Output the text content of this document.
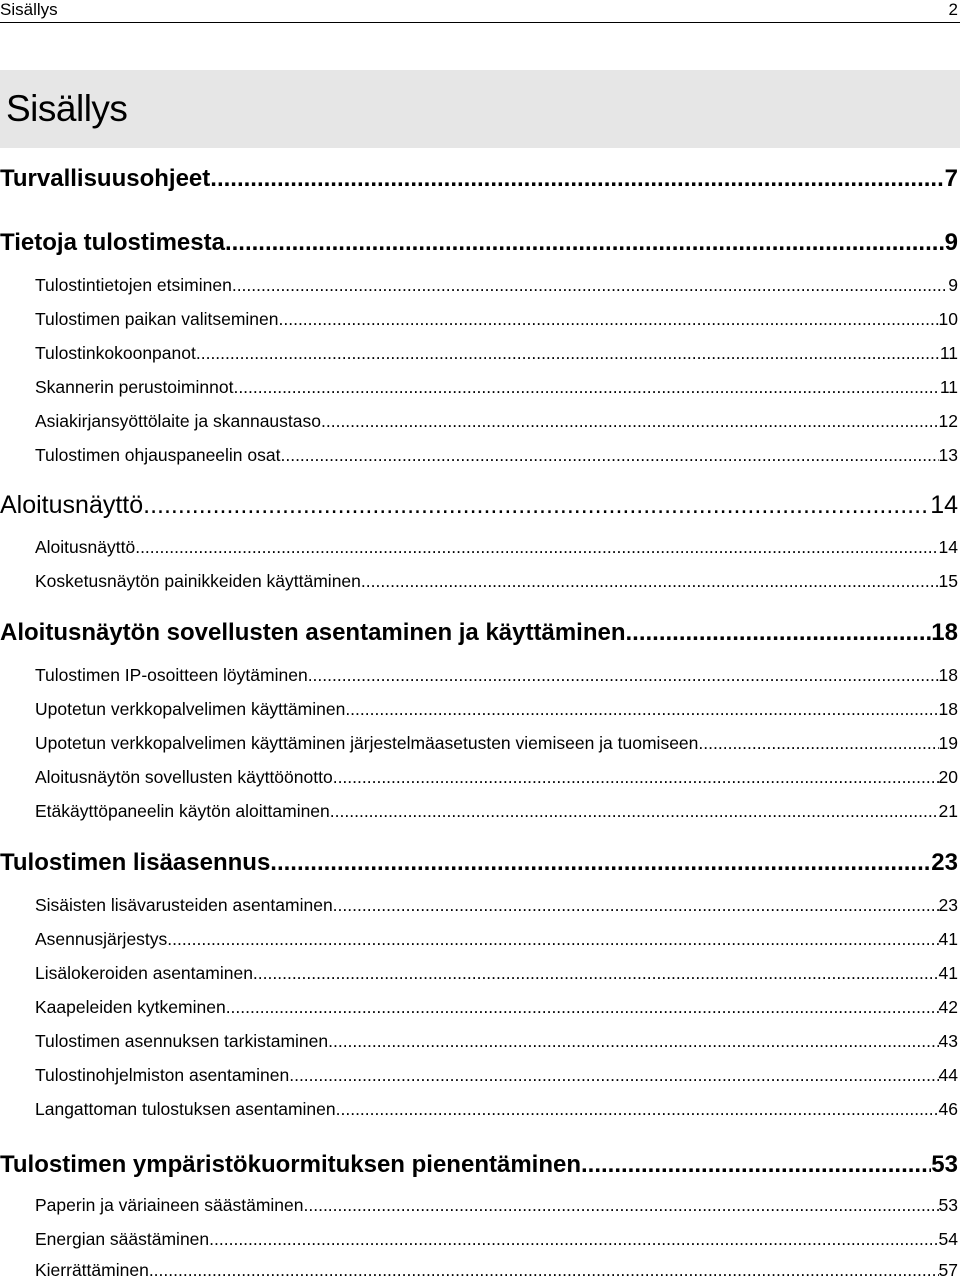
Sisällys	2
Sisällys
Turvallisuusohjeet .....	7
Tietoja tulostimesta .....	9
Tulostintietojen etsiminen .....	9
Tulostimen paikan valitseminen .....	10
Tulostinkokoonpanot .....	11
Skannerin perustoiminnot .....	11
Asiakirjansyöttölaite ja skannaustaso .....	12
Tulostimen ohjauspaneelin osat .....	13
Aloitusnäyttö .....	14
Aloitusnäyttö .....	14
Kosketusnäytön painikkeiden käyttäminen .....	15
Aloitusnäytön sovellusten asentaminen ja käyttäminen .....	18
Tulostimen IP-osoitteen löytäminen .....	18
Upotetun verkkopalvelimen käyttäminen .....	18
Upotetun verkkopalvelimen käyttäminen järjestelmäasetusten viemiseen ja tuomiseen .....	19
Aloitusnäytön sovellusten käyttöönotto .....	20
Etäkäyttöpaneelin käytön aloittaminen .....	21
Tulostimen lisäasennus .....	23
Sisäisten lisävarusteiden asentaminen .....	23
Asennusjärjestys .....	41
Lisälokeroiden asentaminen .....	41
Kaapeleiden kytkeminen .....	42
Tulostimen asennuksen tarkistaminen .....	43
Tulostinohjelmiston asentaminen .....	44
Langattoman tulostuksen asentaminen .....	46
Tulostimen ympäristökuormituksen pienentäminen .....	53
Paperin ja väriaineen säästäminen .....	53
Energian säästäminen .....	54
Kierrättäminen .....	57
